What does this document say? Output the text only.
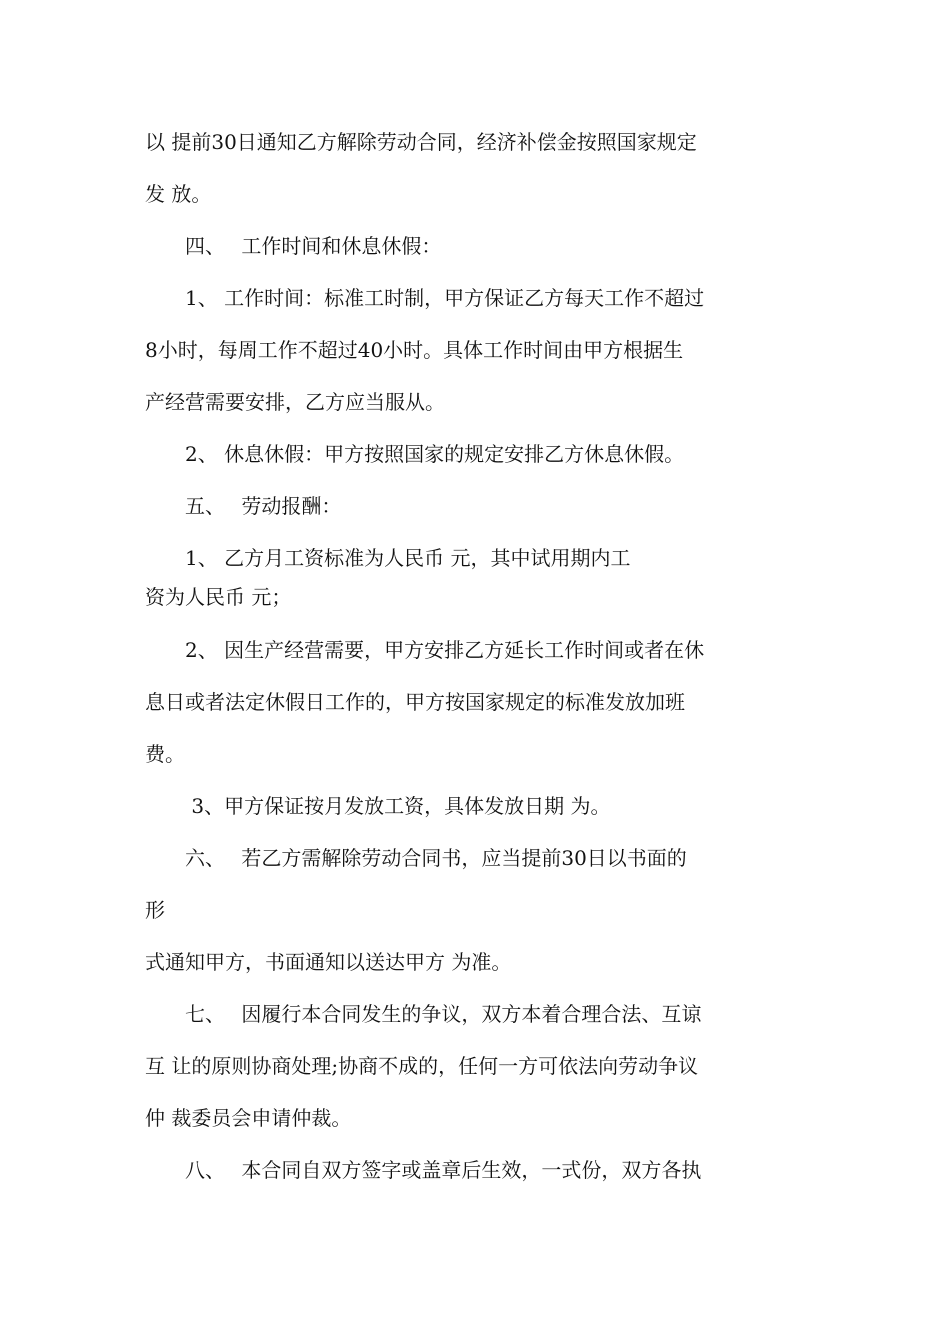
以 提前30日通知乙方解除劳动合同，经济补偿金按照国家规定

发 放。

　　四、　 工作时间和休息休假：

　　1、 工作时间：标准工时制，甲方保证乙方每天工作不超过

8小时，每周工作不超过40小时。具体工作时间由甲方根据生

产经营需要安排，乙方应当服从。

　　2、 休息休假：甲方按照国家的规定安排乙方休息休假。

　　五、　 劳动报酬：

　　1、 乙方月工资标准为人民币 元，其中试用期内工

资为人民币 元；

　　2、 因生产经营需要，甲方安排乙方延长工作时间或者在休

息日或者法定休假日工作的，甲方按国家规定的标准发放加班

费。

　　 3、甲方保证按月发放工资，具体发放日期 为。

　　六、　 若乙方需解除劳动合同书，应当提前30日以书面的

形

式通知甲方，书面通知以送达甲方 为准。

　　七、　 因履行本合同发生的争议，双方本着合理合法、互谅

互 让的原则协商处理;协商不成的，任何一方可依法向劳动争议

仲 裁委员会申请仲裁。

　　八、　 本合同自双方签字或盖章后生效，一式份，双方各执
